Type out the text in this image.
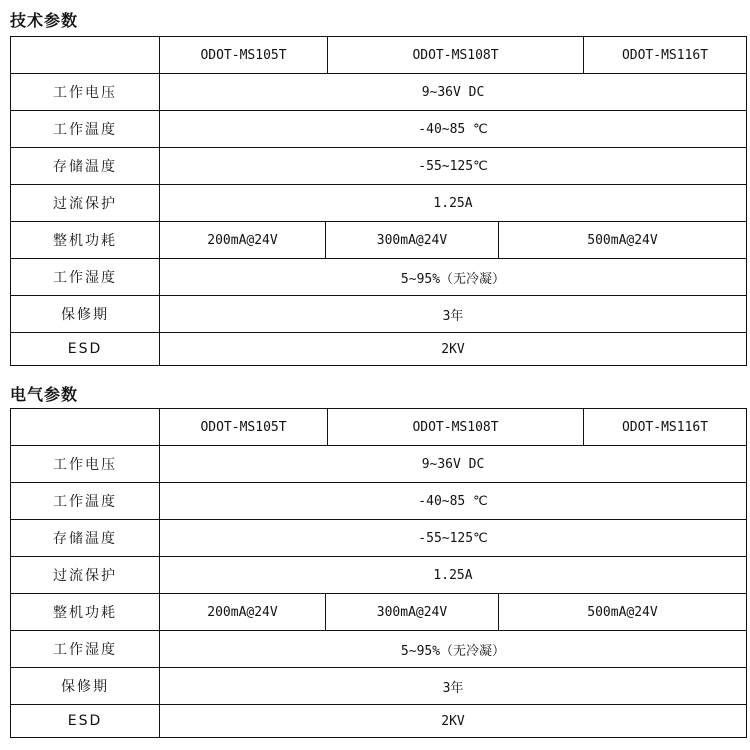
技术参数
ODOT-MS105T	ODOT-MS108T	ODOT-MS116T
工作电压	9~36V DC
工作温度	-40~85 ℃
存储温度	-55~125℃
过流保护	1.25A
整机功耗	200mA@24V	300mA@24V	500mA@24V
工作湿度	5~95%（无冷凝）
保修期	3年
ESD	2KV
电气参数
ODOT-MS105T	ODOT-MS108T	ODOT-MS116T
工作电压	9~36V DC
工作温度	-40~85 ℃
存储温度	-55~125℃
过流保护	1.25A
整机功耗	200mA@24V	300mA@24V	500mA@24V
工作湿度	5~95%（无冷凝）
保修期	3年
ESD	2KV
